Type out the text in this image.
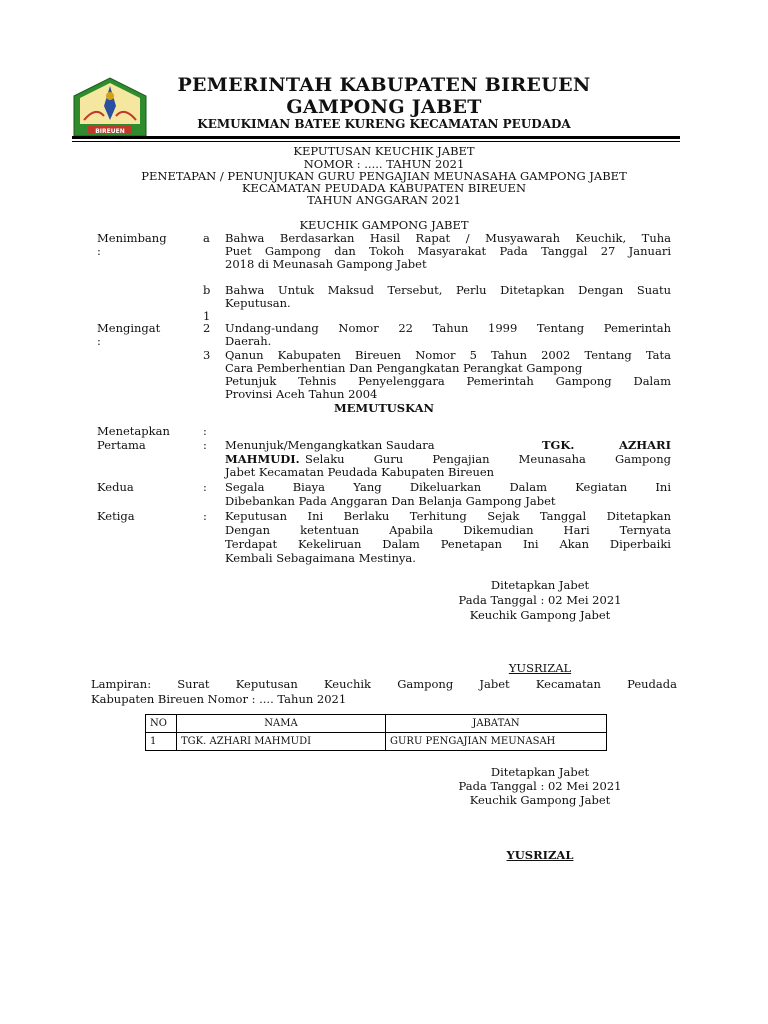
BIREUEN
PEMERINTAH KABUPATEN BIREUEN
GAMPONG JABET
KEMUKIMAN BATEE KURENG KECAMATAN PEUDADA
KEPUTUSAN KEUCHIK JABET
NOMOR : ..... TAHUN 2021
PENETAPAN / PENUNJUKAN GURU PENGAJIAN MEUNASAHA GAMPONG JABET
KECAMATAN PEUDADA KABUPATEN BIREUEN
TAHUN ANGGARAN 2021
KEUCHIK GAMPONG JABET
Menimbang
:
a Bahwa Berdasarkan Hasil Rapat / Musyawarah Keuchik, Tuha
Puet Gampong dan Tokoh Masyarakat Pada Tanggal 27 Januari
2018 di Meunasah Gampong Jabet
b Bahwa Untuk Maksud Tersebut, Perlu Ditetapkan Dengan Suatu
Keputusan.
1
Mengingat
:
2 Undang-undang Nomor 22 Tahun 1999 Tentang Pemerintah
Daerah.
3 Qanun Kabupaten Bireuen Nomor 5 Tahun 2002 Tentang Tata
Cara Pemberhentian Dan Pengangkatan Perangkat Gampong
Petunjuk Tehnis Penyelenggara Pemerintah Gampong Dalam
Provinsi Aceh Tahun 2004
MEMUTUSKAN
Menetapkan	:
Pertama	: Menunjuk/Mengangkatkan Saudara	TGK. AZHARI
MAHMUDI. Selaku Guru Pengajian Meunasaha Gampong
Jabet Kecamatan Peudada Kabupaten Bireuen
Kedua	: Segala Biaya Yang Dikeluarkan Dalam Kegiatan Ini
Dibebankan Pada Anggaran Dan Belanja Gampong Jabet
Ketiga	: Keputusan Ini Berlaku Terhitung Sejak Tanggal Ditetapkan
Dengan ketentuan Apabila Dikemudian Hari Ternyata
Terdapat Kekeliruan Dalam Penetapan Ini Akan Diperbaiki
Kembali Sebagaimana Mestinya.
Ditetapkan Jabet
Pada Tanggal : 02 Mei 2021
Keuchik Gampong Jabet
YUSRIZAL
Lampiran: Surat Keputusan Keuchik Gampong Jabet Kecamatan Peudada
Kabupaten Bireuen Nomor : .... Tahun 2021
NO	NAMA	JABATAN
1	TGK. AZHARI MAHMUDI	GURU PENGAJIAN MEUNASAH
Ditetapkan Jabet
Pada Tanggal : 02 Mei 2021
Keuchik Gampong Jabet
YUSRIZAL
